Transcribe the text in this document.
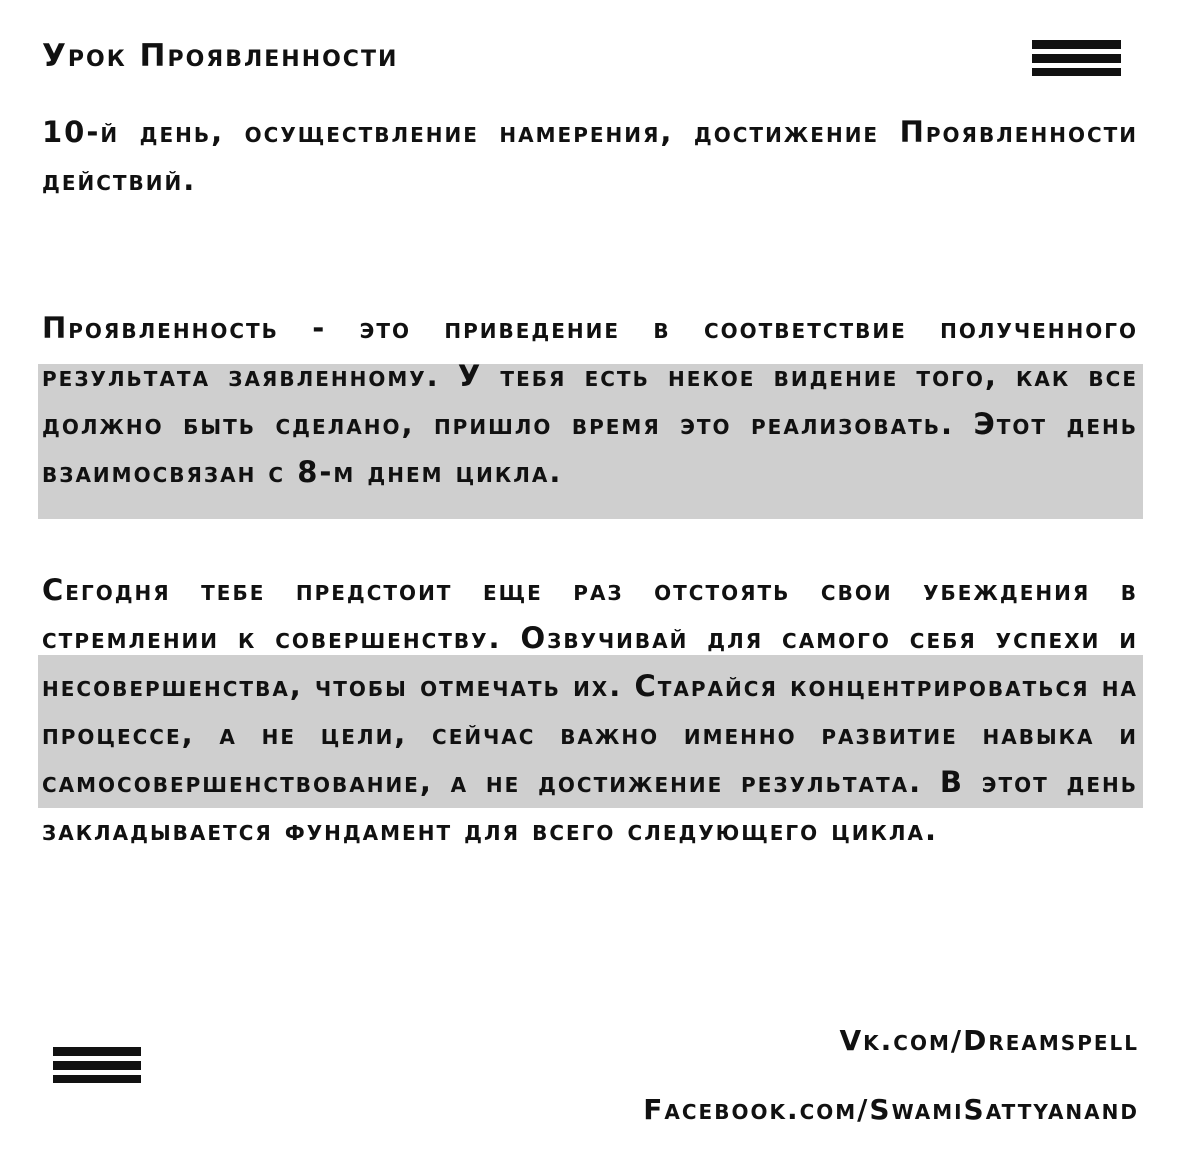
Урок Проявленности
10-й день, осуществление намерения, достижение Проявленности действий.
Проявленность - это приведение в соответствие полученного результата заявленному. У тебя есть некое видение того, как все должно быть сделано, пришло время это реализовать. Этот день взаимосвязан с 8-м днем цикла.
Сегодня тебе предстоит еще раз отстоять свои убеждения в стремлении к совершенству. Озвучивай для самого себя успехи и несовершенства, чтобы отмечать их. Старайся концентрироваться на процессе, а не цели, сейчас важно именно развитие навыка и самосовершенствование, а не достижение результата. В этот день закладывается фундамент для всего следующего цикла.
Vk.com/Dreamspell
Facebook.com/SwamiSattyanand
